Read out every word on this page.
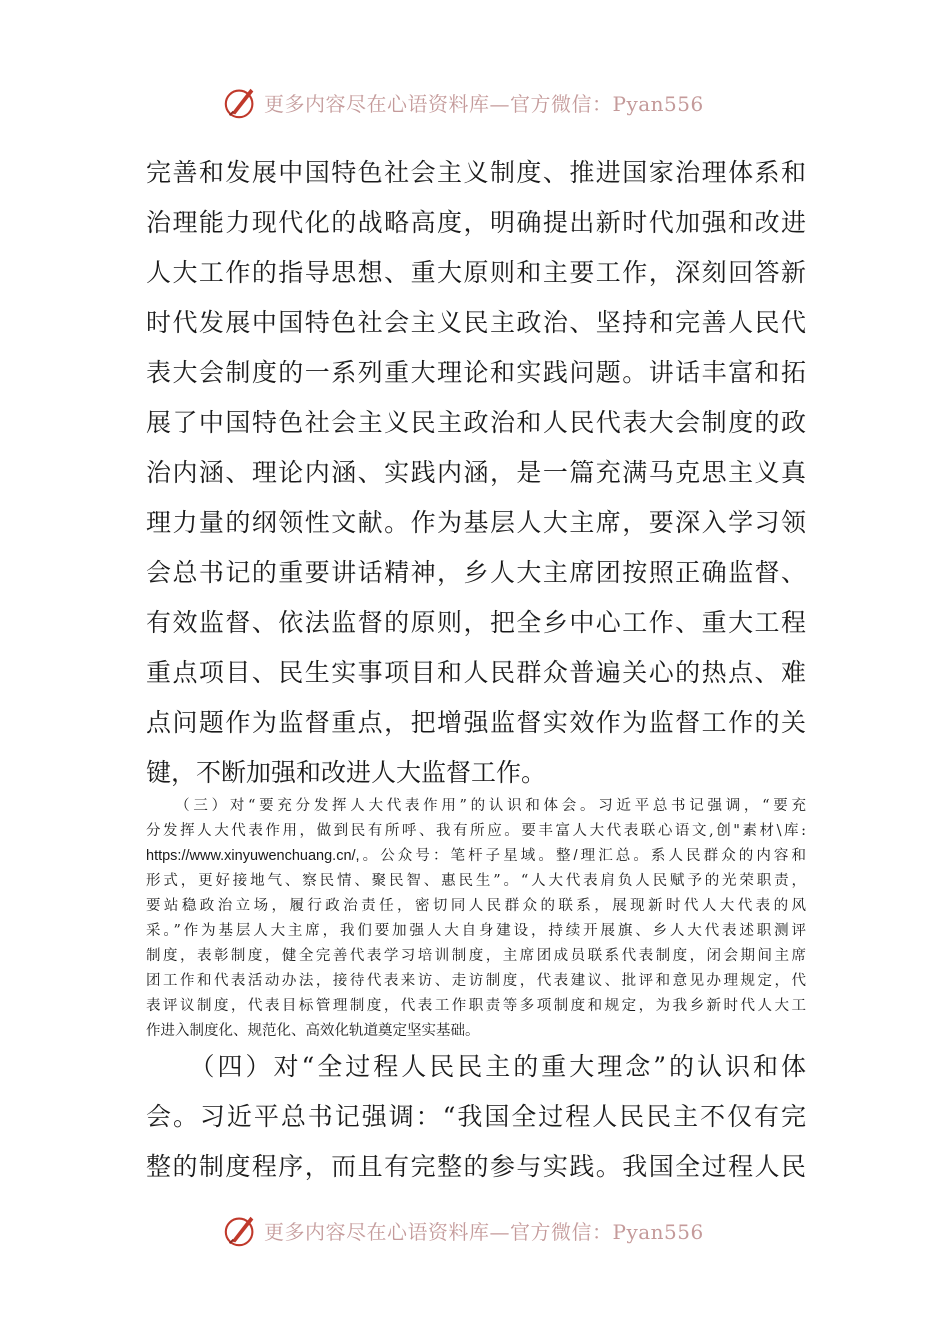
更多内容尽在心语资料库—官方微信：Pyan556
完善和发展中国特色社会主义制度、推进国家治理体系和
治理能力现代化的战略高度，明确提出新时代加强和改进
人大工作的指导思想、重大原则和主要工作，深刻回答新
时代发展中国特色社会主义民主政治、坚持和完善人民代
表大会制度的一系列重大理论和实践问题。讲话丰富和拓
展了中国特色社会主义民主政治和人民代表大会制度的政
治内涵、理论内涵、实践内涵，是一篇充满马克思主义真
理力量的纲领性文献。作为基层人大主席，要深入学习领
会总书记的重要讲话精神，乡人大主席团按照正确监督、
有效监督、依法监督的原则，把全乡中心工作、重大工程
重点项目、民生实事项目和人民群众普遍关心的热点、难
点问题作为监督重点，把增强监督实效作为监督工作的关
键，不断加强和改进人大监督工作。
　　（三）对“要充分发挥人大代表作用”的认识和体会。习近平总书记强调，“要充
分发挥人大代表作用，做到民有所呼、我有所应。要丰富人大代表联心语文,创"素材\库:
https://www.xinyuwenchuang.cn/,。公众号：笔杆子星域。整/理汇总。系人民群众的内容和
形式，更好接地气、察民情、聚民智、惠民生”。“人大代表肩负人民赋予的光荣职责，
要站稳政治立场，履行政治责任，密切同人民群众的联系，展现新时代人大代表的风
采。”作为基层人大主席，我们要加强人大自身建设，持续开展旗、乡人大代表述职测评
制度，表彰制度，健全完善代表学习培训制度，主席团成员联系代表制度，闭会期间主席
团工作和代表活动办法，接待代表来访、走访制度，代表建议、批评和意见办理规定，代
表评议制度，代表目标管理制度，代表工作职责等多项制度和规定，为我乡新时代人大工
作进入制度化、规范化、高效化轨道奠定坚实基础。
　　（四）对“全过程人民民主的重大理念”的认识和体
会。习近平总书记强调：“我国全过程人民民主不仅有完
整的制度程序，而且有完整的参与实践。我国全过程人民
更多内容尽在心语资料库—官方微信：Pyan556
